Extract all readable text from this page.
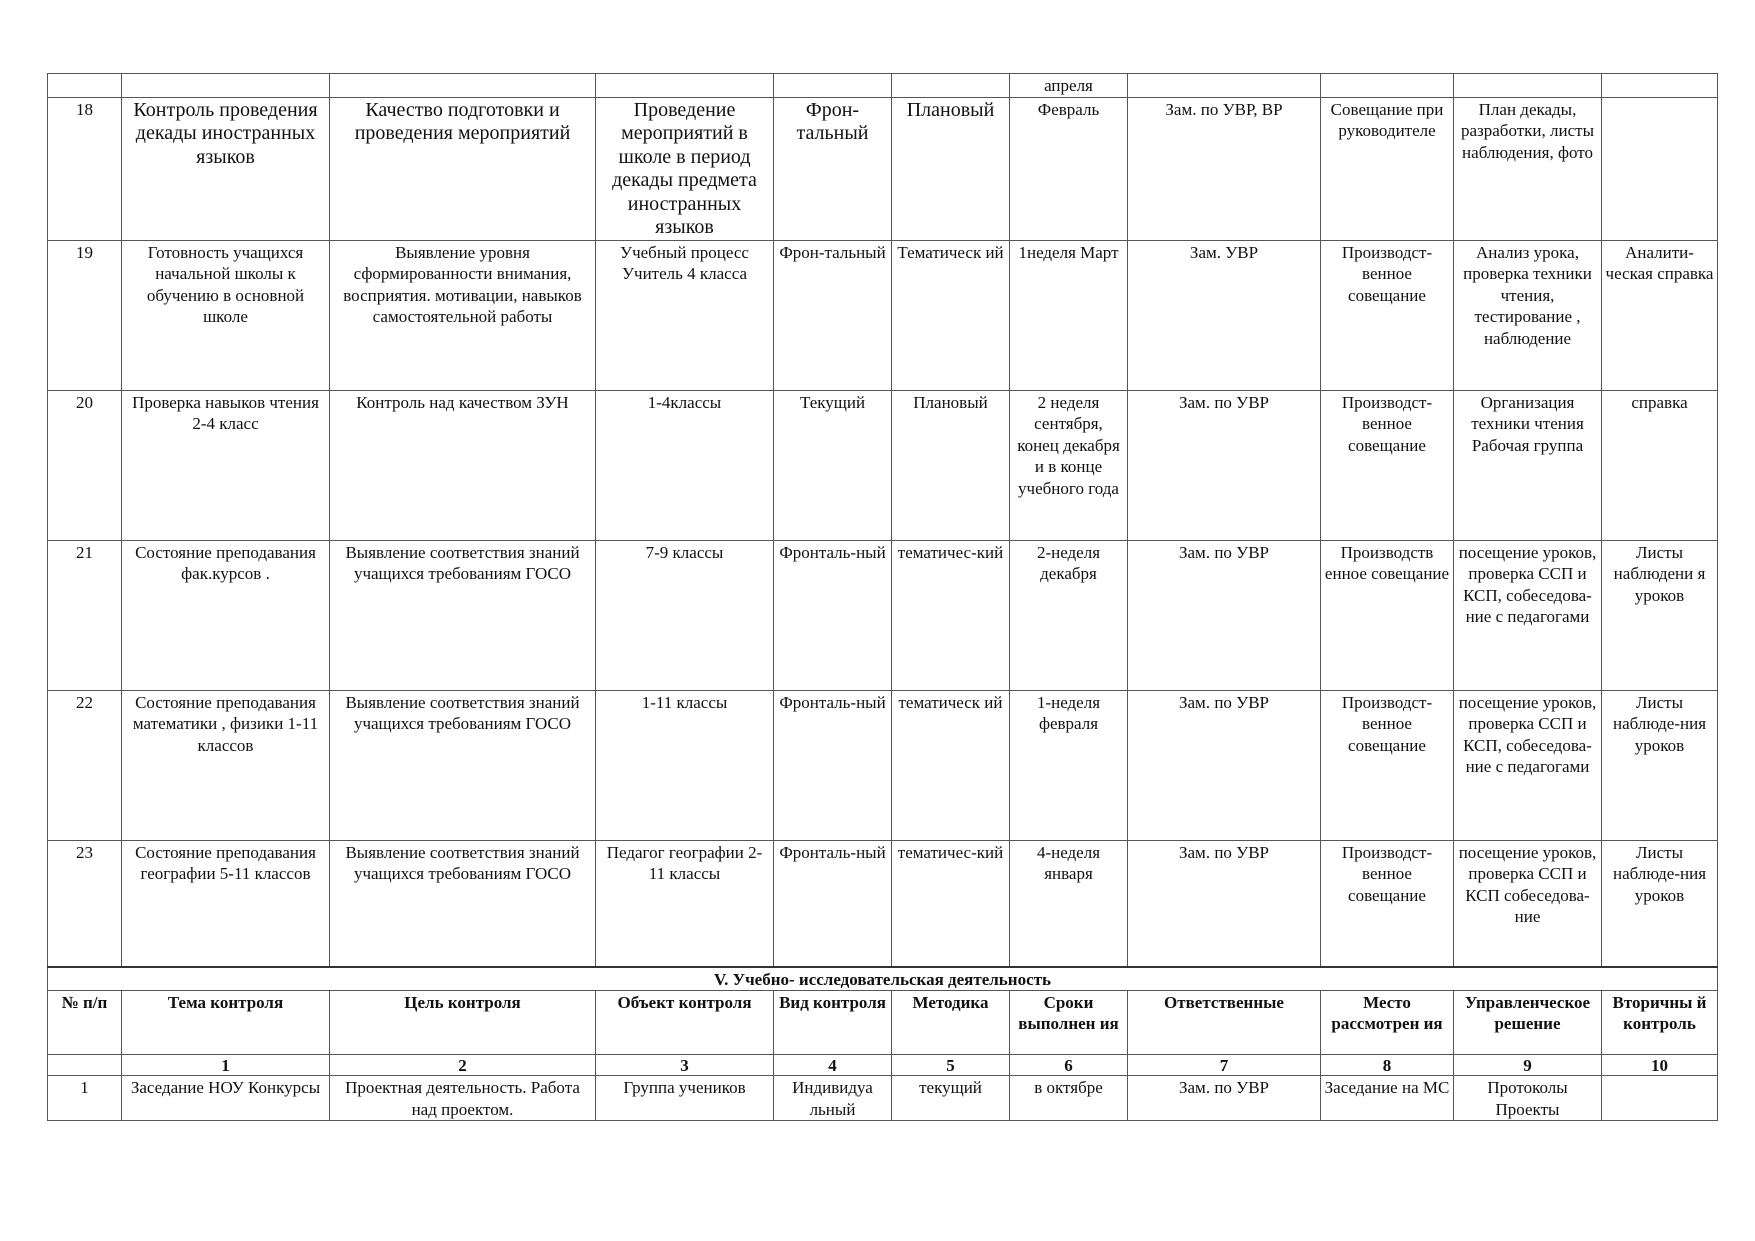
						апреля				
18	Контроль проведения декады иностранных языков	Качество подготовки и проведения мероприятий	Проведение мероприятий в школе в период декады предмета иностранных языков	Фрон-тальный	Плановый	Февраль	Зам. по УВР, ВР	Совещание при руководителе	План декады, разработки, листы наблюдения, фото	
19	Готовность учащихся начальной школы к обучению в основной школе	Выявление уровня сформированности внимания, восприятия. мотивации, навыков самостоятельной работы	Учебный процесс Учитель 4 класса	Фрон-тальный	Тематическ ий	1неделя Март	Зам. УВР	Производст-венное совещание	Анализ урока, проверка техники чтения, тестирование , наблюдение	Аналити-ческая справка
20	Проверка навыков чтения 2-4 класс	Контроль над качеством ЗУН	1-4классы	Текущий	Плановый	2 неделя сентября, конец декабря и в конце учебного года	Зам. по УВР	Производст-венное совещание	Организация техники чтения Рабочая группа	справка
21	Состояние преподавания фак.курсов .	Выявление соответствия знаний учащихся требованиям ГОСО	7-9 классы	Фронталь-ный	тематичес-кий	2-неделя декабря	Зам. по УВР	Производств енное совещание	посещение уроков, проверка ССП и КСП, собеседова-ние с педагогами	Листы наблюдени я уроков
22	Состояние преподавания математики , физики 1-11 классов	Выявление соответствия знаний учащихся требованиям ГОСО	1-11 классы	Фронталь-ный	тематическ ий	1-неделя февраля	Зам. по УВР	Производст-венное совещание	посещение уроков, проверка ССП и КСП, собеседова-ние с педагогами	Листы наблюде-ния уроков
23	Состояние преподавания географии 5-11 классов	Выявление соответствия знаний учащихся требованиям ГОСО	Педагог географии 2-11 классы	Фронталь-ный	тематичес-кий	4-неделя января	Зам. по УВР	Производст-венное совещание	посещение уроков, проверка ССП и КСП собеседова-ние	Листы наблюде-ния уроков
V. Учебно- исследовательская деятельность										
№ п/п	Тема контроля	Цель контроля	Объект контроля	Вид контроля	Методика	Сроки выполнен ия	Ответственные	Место рассмотрен ия	Управленческое решение	Вторичны й контроль
	1	2	3	4	5	6	7	8	9	10
1	Заседание НОУ Конкурсы	Проектная деятельность. Работа над проектом.	Группа учеников	Индивидуа льный	текущий	в октябре	Зам. по УВР	Заседание на МС	Протоколы Проекты	
